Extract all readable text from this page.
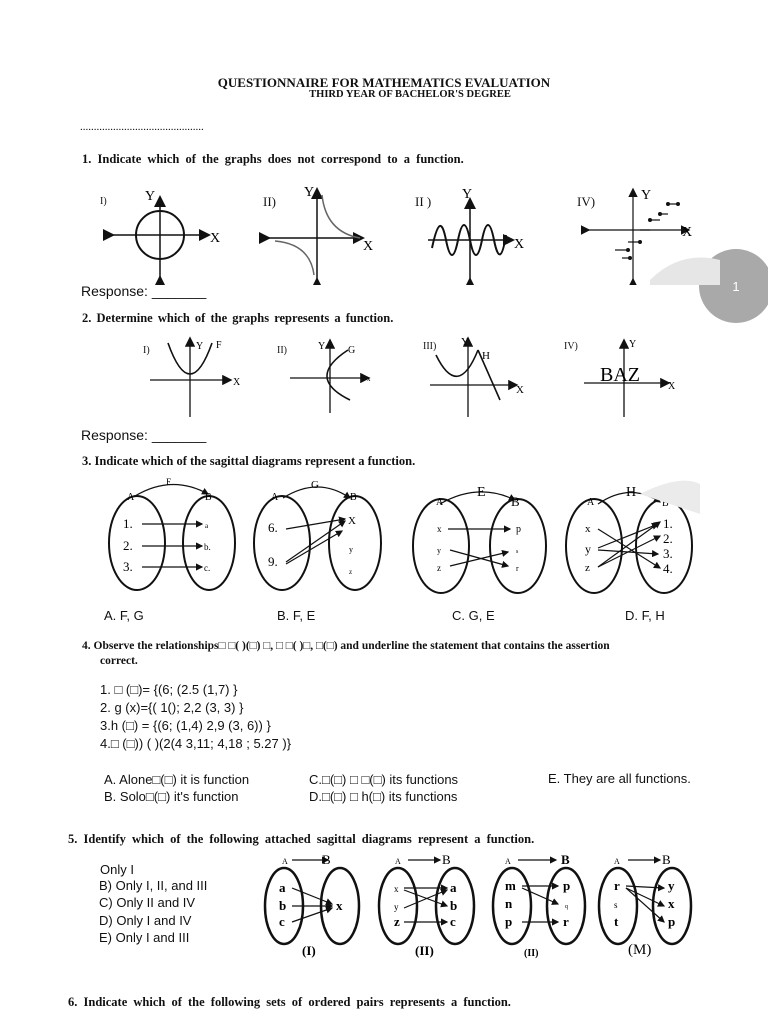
QUESTIONNAIRE FOR MATHEMATICS EVALUATION
THIRD YEAR OF BACHELOR'S DEGREE
.............................................
1
1. Indicate which of the graphs does not correspond to a function.
I)	II)	II )	IV)
Y
X
Y
X
Y
X
Y
X
Response: _______
2. Determine which of the graphs represents a function.
I)	II)	III)	IV)
Y F
X
Y G
x
Y
H
X
Y
BAZ
X
Response: _______
3. Indicate which of the sagittal diagrams represent a function.
F
A	B
1.
2.
3.
a
b.
c.
G
A	B
6.
9.
X
y
z
E
A	B
x
y
z
p
s
r
H
A	B
x
y
z
1.
2.
3.
4.
A. F, G	B. F, E	C. G, E	D. F, H
4. Observe the relationships□ □( )(□) □, □ □( )□, □(□) and underline the statement that contains the assertion
correct.
1. □ (□)= {(6; (2.5 (1,7) }
2. g (x)={( 1(); 2,2 (3, 3) }
3.h (□) = {(6; (1,4) 2,9 (3, 6)) }
4.□ (□)) ( )(2(4 3,11; 4,18 ; 5.27 )}
A. Alone□(□) it is function
B. Solo□(□) it's function
C.□(□) □ □(□) its functions
D.□(□) □ h(□) its functions
E. They are all functions.
5. Identify which of the following attached sagittal diagrams represent a function.
Only I
B) Only I, II, and III
C) Only II and IV
D) Only I and IV
E) Only I and III
A	B
a
b
c
x
(I)
A	B
x
y
z
a
b
c
(II)
A	B
m
n
p
p
q
r
(II)
A	B
r
s
t
y
x
p
(M)
6. Indicate which of the following sets of ordered pairs represents a function.
